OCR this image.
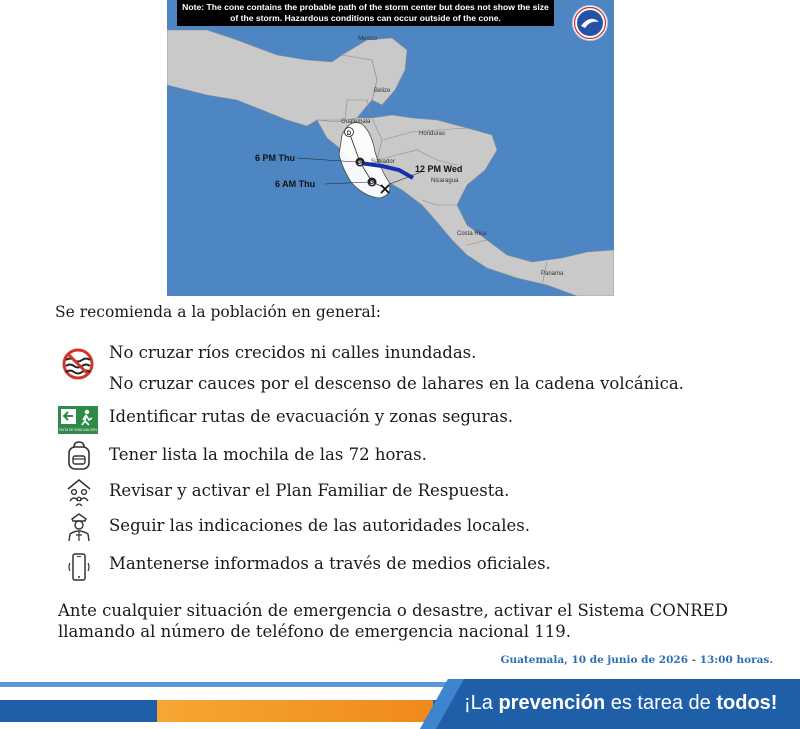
D
S
S
Note: The cone contains the probable path of the storm center but does not show the size of the storm. Hazardous conditions can occur outside of the cone.
Mexico
Belize
Guatemala
Honduras
Salvador
Nicaragua
Costa Rica
Panama
6 PM Thu
6 AM Thu
12 PM Wed

Se recomienda a la población en general:

No cruzar ríos crecidos ni calles inundadas.
No cruzar cauces por el descenso de lahares en la cadena volcánica.
RUTA DE EVACUACIÓN
Identificar rutas de evacuación y zonas seguras.
Tener lista la mochila de las 72 horas.
Revisar y activar el Plan Familiar de Respuesta.
Seguir las indicaciones de las autoridades locales.
Mantenerse informados a través de medios oficiales.

Ante cualquier situación de emergencia o desastre, activar el Sistema CONRED llamando al número de teléfono de emergencia nacional 119.

Guatemala, 10 de junio de 2026 - 13:00 horas.
¡La prevención es tarea de todos!
